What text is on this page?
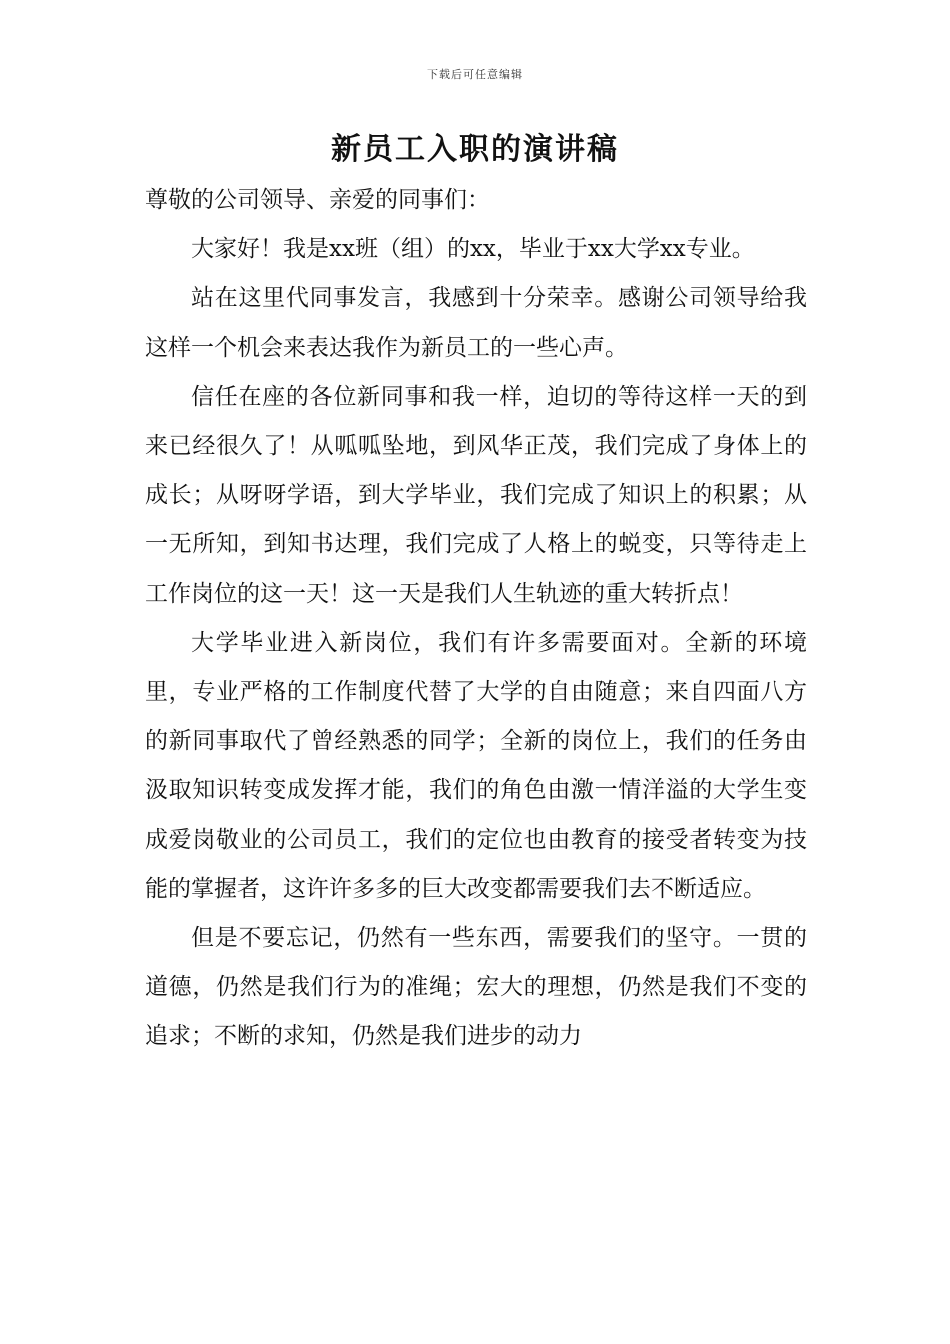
下载后可任意编辑
新员工入职的演讲稿

尊敬的公司领导、亲爱的同事们：

大家好！我是xx班（组）的xx，毕业于xx大学xx专业。

站在这里代同事发言，我感到十分荣幸。感谢公司领导给我这样一个机会来表达我作为新员工的一些心声。

信任在座的各位新同事和我一样，迫切的等待这样一天的到来已经很久了！从呱呱坠地，到风华正茂，我们完成了身体上的成长；从呀呀学语，到大学毕业，我们完成了知识上的积累；从一无所知，到知书达理，我们完成了人格上的蜕变，只等待走上工作岗位的这一天！这一天是我们人生轨迹的重大转折点！

大学毕业进入新岗位，我们有许多需要面对。全新的环境里，专业严格的工作制度代替了大学的自由随意；来自四面八方的新同事取代了曾经熟悉的同学；全新的岗位上，我们的任务由汲取知识转变成发挥才能，我们的角色由激一情洋溢的大学生变成爱岗敬业的公司员工，我们的定位也由教育的接受者转变为技能的掌握者，这许许多多的巨大改变都需要我们去不断适应。

但是不要忘记，仍然有一些东西，需要我们的坚守。一贯的道德，仍然是我们行为的准绳；宏大的理想，仍然是我们不变的追求；不断的求知，仍然是我们进步的动力
